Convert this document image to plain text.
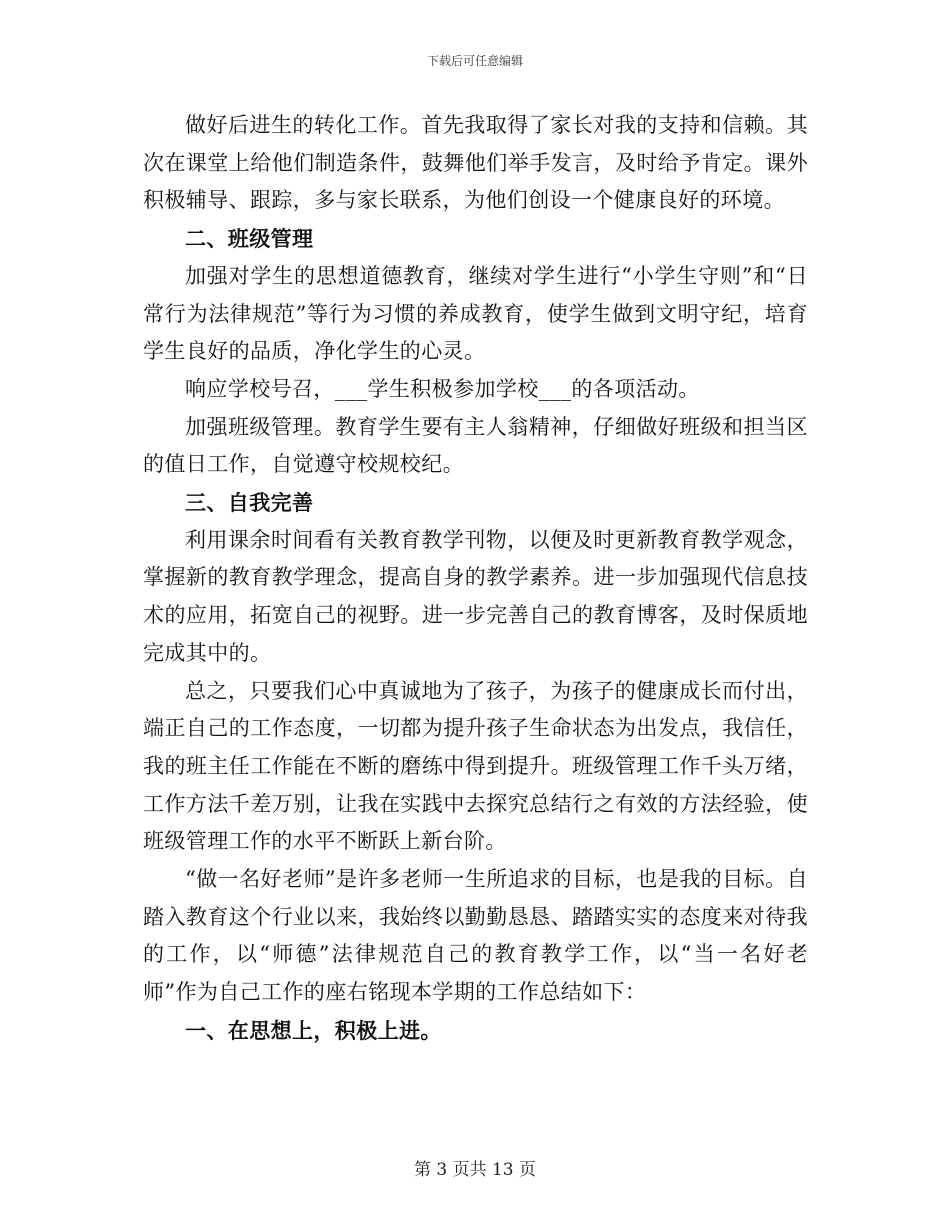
下载后可任意编辑

做好后进生的转化工作。首先我取得了家长对我的支持和信赖。其次在课堂上给他们制造条件，鼓舞他们举手发言，及时给予肯定。课外积极辅导、跟踪，多与家长联系，为他们创设一个健康良好的环境。

二、班级管理

加强对学生的思想道德教育，继续对学生进行“小学生守则”和“日常行为法律规范”等行为习惯的养成教育，使学生做到文明守纪，培育学生良好的品质，净化学生的心灵。

响应学校号召，___学生积极参加学校___的各项活动。

加强班级管理。教育学生要有主人翁精神，仔细做好班级和担当区的值日工作，自觉遵守校规校纪。

三、自我完善

利用课余时间看有关教育教学刊物，以便及时更新教育教学观念，掌握新的教育教学理念，提高自身的教学素养。进一步加强现代信息技术的应用，拓宽自己的视野。进一步完善自己的教育博客，及时保质地完成其中的。

总之，只要我们心中真诚地为了孩子，为孩子的健康成长而付出，端正自己的工作态度，一切都为提升孩子生命状态为出发点，我信任，我的班主任工作能在不断的磨练中得到提升。班级管理工作千头万绪，工作方法千差万别，让我在实践中去探究总结行之有效的方法经验，使班级管理工作的水平不断跃上新台阶。

“做一名好老师”是许多老师一生所追求的目标，也是我的目标。自踏入教育这个行业以来，我始终以勤勤恳恳、踏踏实实的态度来对待我的工作，以“师德”法律规范自己的教育教学工作，以“当一名好老师”作为自己工作的座右铭现本学期的工作总结如下：

一、在思想上，积极上进。

第 3 页共 13 页
